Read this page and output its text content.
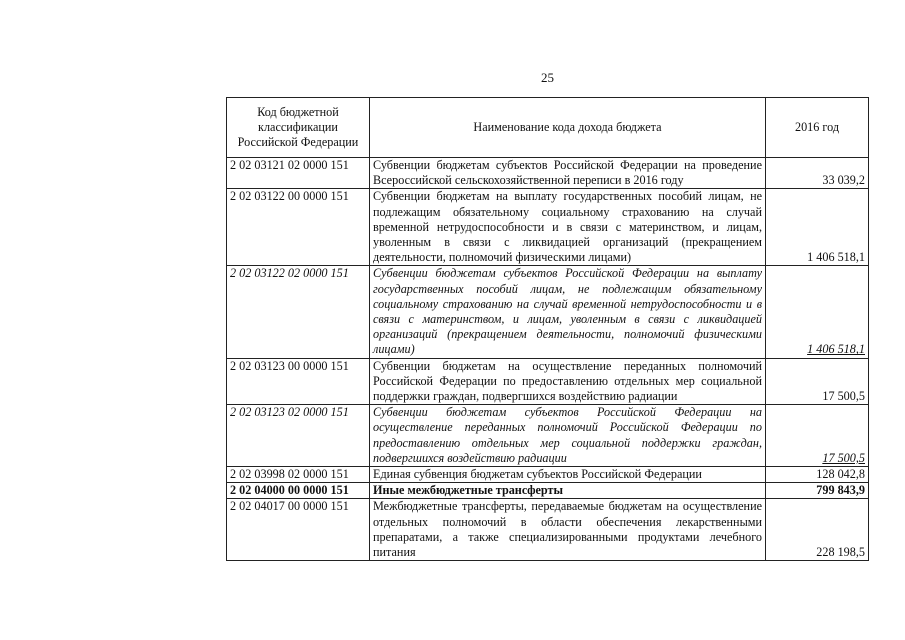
25
Код бюджетной классификации Российской Федерации	Наименование кода дохода бюджета	2016 год
2 02 03121 02 0000 151	Субвенции бюджетам субъектов Российской Федерации на проведение Всероссийской сельскохозяйственной переписи в 2016 году	33 039,2
2 02 03122 00 0000 151	Субвенции бюджетам на выплату государственных пособий лицам, не подлежащим обязательному социальному страхованию на случай временной нетрудоспособности и в связи с материнством, и лицам, уволенным в связи с ликвидацией организаций (прекращением деятельности, полномочий физическими лицами)	1 406 518,1
2 02 03122 02 0000 151	Субвенции бюджетам субъектов Российской Федерации на выплату государственных пособий лицам, не подлежащим обязательному социальному страхованию на случай временной нетрудоспособности и в связи с материнством, и лицам, уволенным в связи с ликвидацией организаций (прекращением деятельности, полномочий физическими лицами)	1 406 518,1
2 02 03123 00 0000 151	Субвенции бюджетам на осуществление переданных полномочий Российской Федерации по предоставлению отдельных мер социальной поддержки граждан, подвергшихся воздействию радиации	17 500,5
2 02 03123 02 0000 151	Субвенции бюджетам субъектов Российской Федерации на осуществление переданных полномочий Российской Федерации по предоставлению отдельных мер социальной поддержки граждан, подвергшихся воздействию радиации	17 500,5
2 02 03998 02 0000 151	Единая субвенция бюджетам субъектов Российской Федерации	128 042,8
2 02 04000 00 0000 151	Иные межбюджетные трансферты	799 843,9
2 02 04017 00 0000 151	Межбюджетные трансферты, передаваемые бюджетам на осуществление отдельных полномочий в области обеспечения лекарственными препаратами, а также специализированными продуктами лечебного питания	228 198,5
